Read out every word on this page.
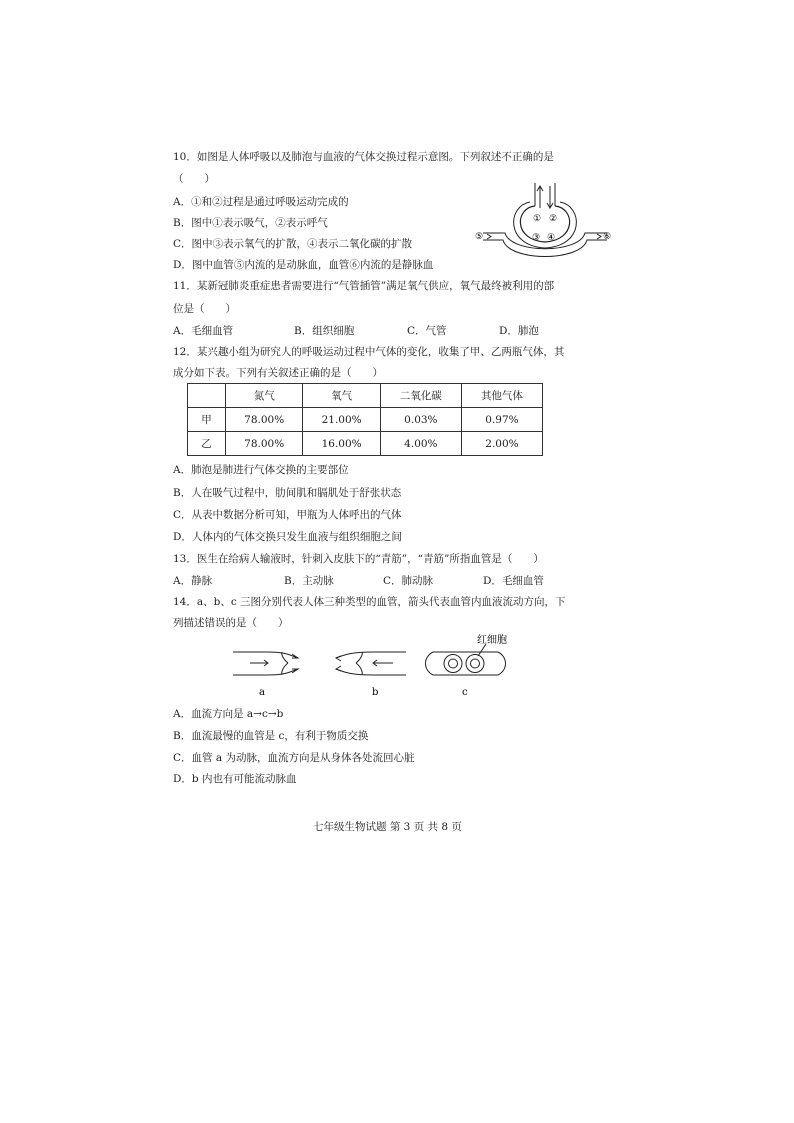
10．如图是人体呼吸以及肺泡与血液的气体交换过程示意图。下列叙述不正确的是
（　　）
A．①和②过程是通过呼吸运动完成的
B．图中①表示吸气，②表示呼气
C．图中③表示氧气的扩散，④表示二氧化碳的扩散
D．图中血管⑤内流的是动脉血，血管⑥内流的是静脉血
① ②
③ ④
⑤	⑥
11．某新冠肺炎重症患者需要进行“气管插管”满足氧气供应，氧气最终被利用的部
位是（　　）
A．毛细血管	B．组织细胞	C．气管	D．肺泡
12．某兴趣小组为研究人的呼吸运动过程中气体的变化，收集了甲、乙两瓶气体，其
成分如下表。下列有关叙述正确的是（　　）
	氮气	氧气	二氧化碳	其他气体
甲	78.00%	21.00%	0.03%	0.97%
乙	78.00%	16.00%	4.00%	2.00%
A．肺泡是肺进行气体交换的主要部位
B．人在吸气过程中，肋间肌和膈肌处于舒张状态
C．从表中数据分析可知，甲瓶为人体呼出的气体
D．人体内的气体交换只发生血液与组织细胞之间
13．医生在给病人输液时，针刺入皮肤下的“青筋”，“青筋”所指血管是（　　）
A．静脉	B．主动脉	C．肺动脉	D．毛细血管
14．a、b、c 三图分别代表人体三种类型的血管，箭头代表血管内血液流动方向，下
列描述错误的是（　　）
a	b	c
红细胞
A．血流方向是 a→c→b
B．血流最慢的血管是 c，有利于物质交换
C．血管 a 为动脉，血流方向是从身体各处流回心脏
D．b 内也有可能流动脉血
七年级生物试题 第 3 页 共 8 页
